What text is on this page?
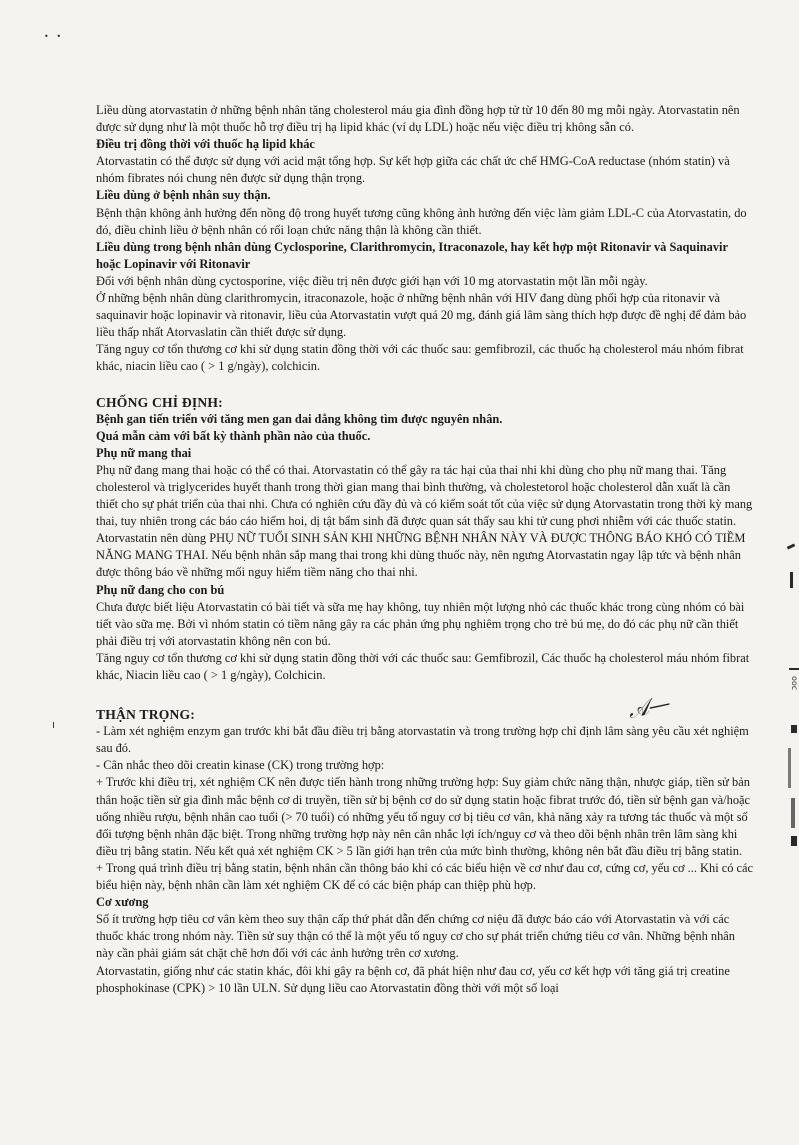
•   •
ı
ooc
𝒜—

Liều dùng atorvastatin ở những bệnh nhân tăng cholesterol máu gia đình đồng hợp tử từ 10 đến 80 mg mỗi ngày. Atorvastatin nên được sử dụng như là một thuốc hỗ trợ điều trị hạ lipid khác (ví dụ LDL) hoặc nếu việc điều trị không sẵn có.

Điều trị đồng thời với thuốc hạ lipid khác

Atorvastatin có thể được sử dụng với acid mật tổng hợp. Sự kết hợp giữa các chất ức chế HMG-CoA reductase (nhóm statin) và nhóm fibrates nói chung nên được sử dụng thận trọng.

Liều dùng ở bệnh nhân suy thận.

Bệnh thận không ảnh hưởng đến nồng độ trong huyết tương cũng không ảnh hưởng đến việc làm giảm LDL-C của Atorvastatin, do đó, điều chỉnh liều ở bệnh nhân có rối loạn chức năng thận là không cần thiết.

Liều dùng trong bệnh nhân dùng Cyclosporine, Clarithromycin, Itraconazole, hay kết hợp một Ritonavir và Saquinavir hoặc Lopinavir với Ritonavir

Đối với bệnh nhân dùng cyctosporine, việc điều trị nên được giới hạn với 10 mg atorvastatin một lần mỗi ngày.

Ở những bệnh nhân dùng clarithromycin, itraconazole, hoặc ở những bệnh nhân với HIV đang dùng phối hợp của ritonavir và saquinavir hoặc lopinavir và ritonavir, liều của Atorvastatin vượt quá 20 mg, đánh giá lâm sàng thích hợp được đề nghị để đảm bảo liều thấp nhất Atorvaslatin cần thiết được sử dụng.

Tăng nguy cơ tổn thương cơ khi sử dụng statin đồng thời với các thuốc sau: gemfibrozil, các thuốc hạ cholesterol máu nhóm fibrat khác, niacin liều cao ( > 1 g/ngày), colchicin.

CHỐNG CHỈ ĐỊNH:

Bệnh gan tiến triển với tăng men gan dai dẳng không tìm được nguyên nhân.

Quá mẫn cảm với bất kỳ thành phần nào của thuốc.

Phụ nữ mang thai

Phụ nữ đang mang thai hoặc có thể có thai. Atorvastatin có thể gây ra tác hại của thai nhi khi dùng cho phụ nữ mang thai. Tăng cholesterol và triglycerides huyết thanh trong thời gian mang thai bình thường, và cholestetorol hoặc cholesterol dẫn xuất là cần thiết cho sự phát triển của thai nhi. Chưa có nghiên cứu đầy đủ và có kiểm soát tốt của việc sử dụng Atorvastatin trong thời kỳ mang thai, tuy nhiên trong các báo cáo hiếm hoi, dị tật bẩm sinh đã được quan sát thấy sau khi tử cung phơi nhiễm với các thuốc statin. Atorvastatin nên dùng PHỤ NỮ TUỔI SINH SẢN KHI NHỮNG BỆNH NHÂN NÀY VÀ ĐƯỢC THÔNG BÁO KHÓ CÓ TIỀM NĂNG MANG THAI. Nếu bệnh nhân sắp mang thai trong khi dùng thuốc này, nên ngưng Atorvastatin ngay lập tức và bệnh nhân được thông báo về những mối nguy hiểm tiềm năng cho thai nhi.

Phụ nữ đang cho con bú

Chưa được biết liệu Atorvastatin có bài tiết và sữa mẹ hay không, tuy nhiên một lượng nhỏ các thuốc khác trong cùng nhóm có bài tiết vào sữa mẹ. Bởi vì nhóm statin có tiềm năng gây ra các phản ứng phụ nghiêm trọng cho trẻ bú mẹ, do đó các phụ nữ cần thiết phải điều trị với atorvastatin không nên con bú.

Tăng nguy cơ tổn thương cơ khi sử dụng statin đồng thời với các thuốc sau: Gemfibrozil, Các thuốc hạ cholesterol máu nhóm fibrat khác, Niacin liều cao ( > 1 g/ngày), Colchicin.

THẬN TRỌNG:

- Làm xét nghiệm enzym gan trước khi bắt đầu điều trị bằng atorvastatin và trong trường hợp chỉ định lâm sàng yêu cầu xét nghiệm sau đó.

- Cân nhắc theo dõi creatin kinase (CK) trong trường hợp:

+ Trước khi điều trị, xét nghiệm CK nên được tiến hành trong những trường hợp: Suy giảm chức năng thận, nhược giáp, tiền sử bản thân hoặc tiền sử gia đình mắc bệnh cơ di truyền, tiền sử bị bệnh cơ do sử dụng statin hoặc fibrat trước đó, tiền sử bệnh gan và/hoặc uống nhiều rượu, bệnh nhân cao tuổi (> 70 tuổi) có những yếu tố nguy cơ bị tiêu cơ vân, khả năng xảy ra tương tác thuốc và một số đối tượng bệnh nhân đặc biệt. Trong những trường hợp này nên cân nhắc lợi ích/nguy cơ và theo dõi bệnh nhân trên lâm sàng khi điều trị bằng statin. Nếu kết quả xét nghiệm CK > 5 lần giới hạn trên của mức bình thường, không nên bắt đầu điều trị bằng statin.

+ Trong quá trình điều trị bằng statin, bệnh nhân cần thông báo khi có các biểu hiện về cơ như đau cơ, cứng cơ, yếu cơ ... Khi có các biểu hiện này, bệnh nhân cần làm xét nghiệm CK để có các biện pháp can thiệp phù hợp.

Cơ xương

Số ít trường hợp tiêu cơ vân kèm theo suy thận cấp thứ phát dẫn đến chứng cơ niệu đã được báo cáo với Atorvastatin và với các thuốc khác trong nhóm này. Tiền sử suy thận có thể là một yếu tố nguy cơ cho sự phát triển chứng tiêu cơ vân. Những bệnh nhân này cần phải giám sát chặt chẽ hơn đối với các ảnh hưởng trên cơ xương.

Atorvastatin, giống như các statin khác, đôi khi gây ra bệnh cơ, đã phát hiện như đau cơ, yếu cơ kết hợp với tăng giá trị creatine phosphokinase (CPK) > 10 lần ULN. Sử dụng liều cao Atorvastatin đồng thời với một số loại
